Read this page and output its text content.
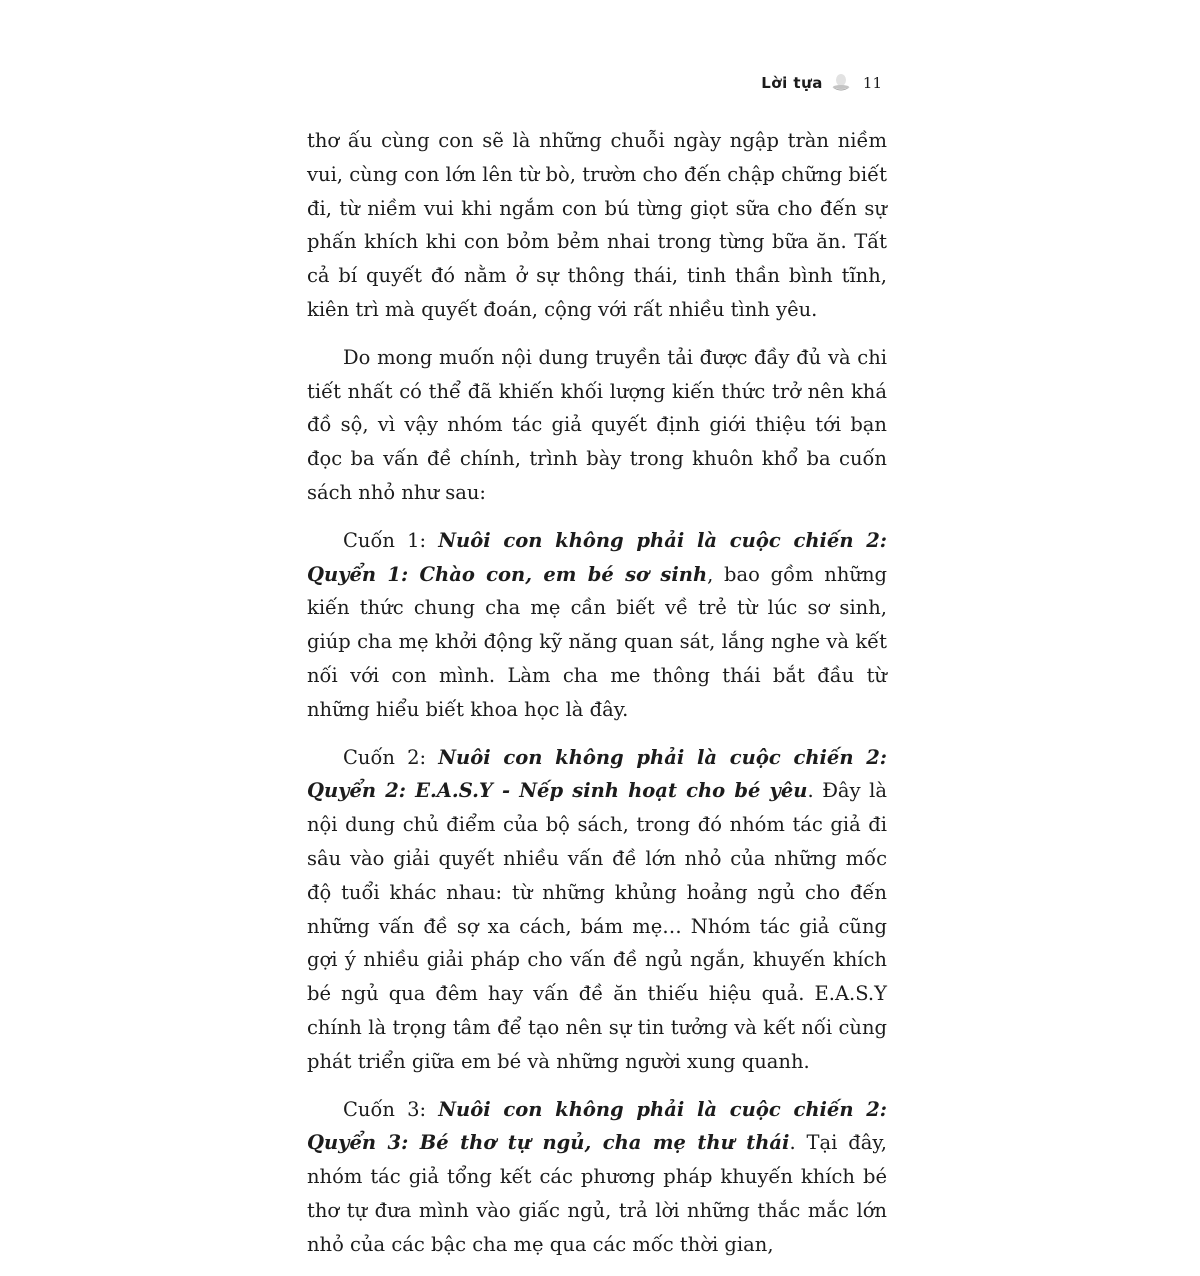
Lời tựa	11

thơ ấu cùng con sẽ là những chuỗi ngày ngập tràn niềm vui, cùng con lớn lên từ bò, trườn cho đến chập chững biết đi, từ niềm vui khi ngắm con bú từng giọt sữa cho đến sự phấn khích khi con bỏm bẻm nhai trong từng bữa ăn. Tất cả bí quyết đó nằm ở sự thông thái, tinh thần bình tĩnh, kiên trì mà quyết đoán, cộng với rất nhiều tình yêu.

Do mong muốn nội dung truyền tải được đầy đủ và chi tiết nhất có thể đã khiến khối lượng kiến thức trở nên khá đồ sộ, vì vậy nhóm tác giả quyết định giới thiệu tới bạn đọc ba vấn đề chính, trình bày trong khuôn khổ ba cuốn sách nhỏ như sau:

Cuốn 1: Nuôi con không phải là cuộc chiến 2: Quyển 1: Chào con, em bé sơ sinh, bao gồm những kiến thức chung cha mẹ cần biết về trẻ từ lúc sơ sinh, giúp cha mẹ khởi động kỹ năng quan sát, lắng nghe và kết nối với con mình. Làm cha me thông thái bắt đầu từ những hiểu biết khoa học là đây.

Cuốn 2: Nuôi con không phải là cuộc chiến 2: Quyển 2: E.A.S.Y - Nếp sinh hoạt cho bé yêu. Đây là nội dung chủ điểm của bộ sách, trong đó nhóm tác giả đi sâu vào giải quyết nhiều vấn đề lớn nhỏ của những mốc độ tuổi khác nhau: từ những khủng hoảng ngủ cho đến những vấn đề sợ xa cách, bám mẹ… Nhóm tác giả cũng gợi ý nhiều giải pháp cho vấn đề ngủ ngắn, khuyến khích bé ngủ qua đêm hay vấn đề ăn thiếu hiệu quả. E.A.S.Y chính là trọng tâm để tạo nên sự tin tưởng và kết nối cùng phát triển giữa em bé và những người xung quanh.

Cuốn 3: Nuôi con không phải là cuộc chiến 2: Quyển 3: Bé thơ tự ngủ, cha mẹ thư thái. Tại đây, nhóm tác giả tổng kết các phương pháp khuyến khích bé thơ tự đưa mình vào giấc ngủ, trả lời những thắc mắc lớn nhỏ của các bậc cha mẹ qua các mốc thời gian,
